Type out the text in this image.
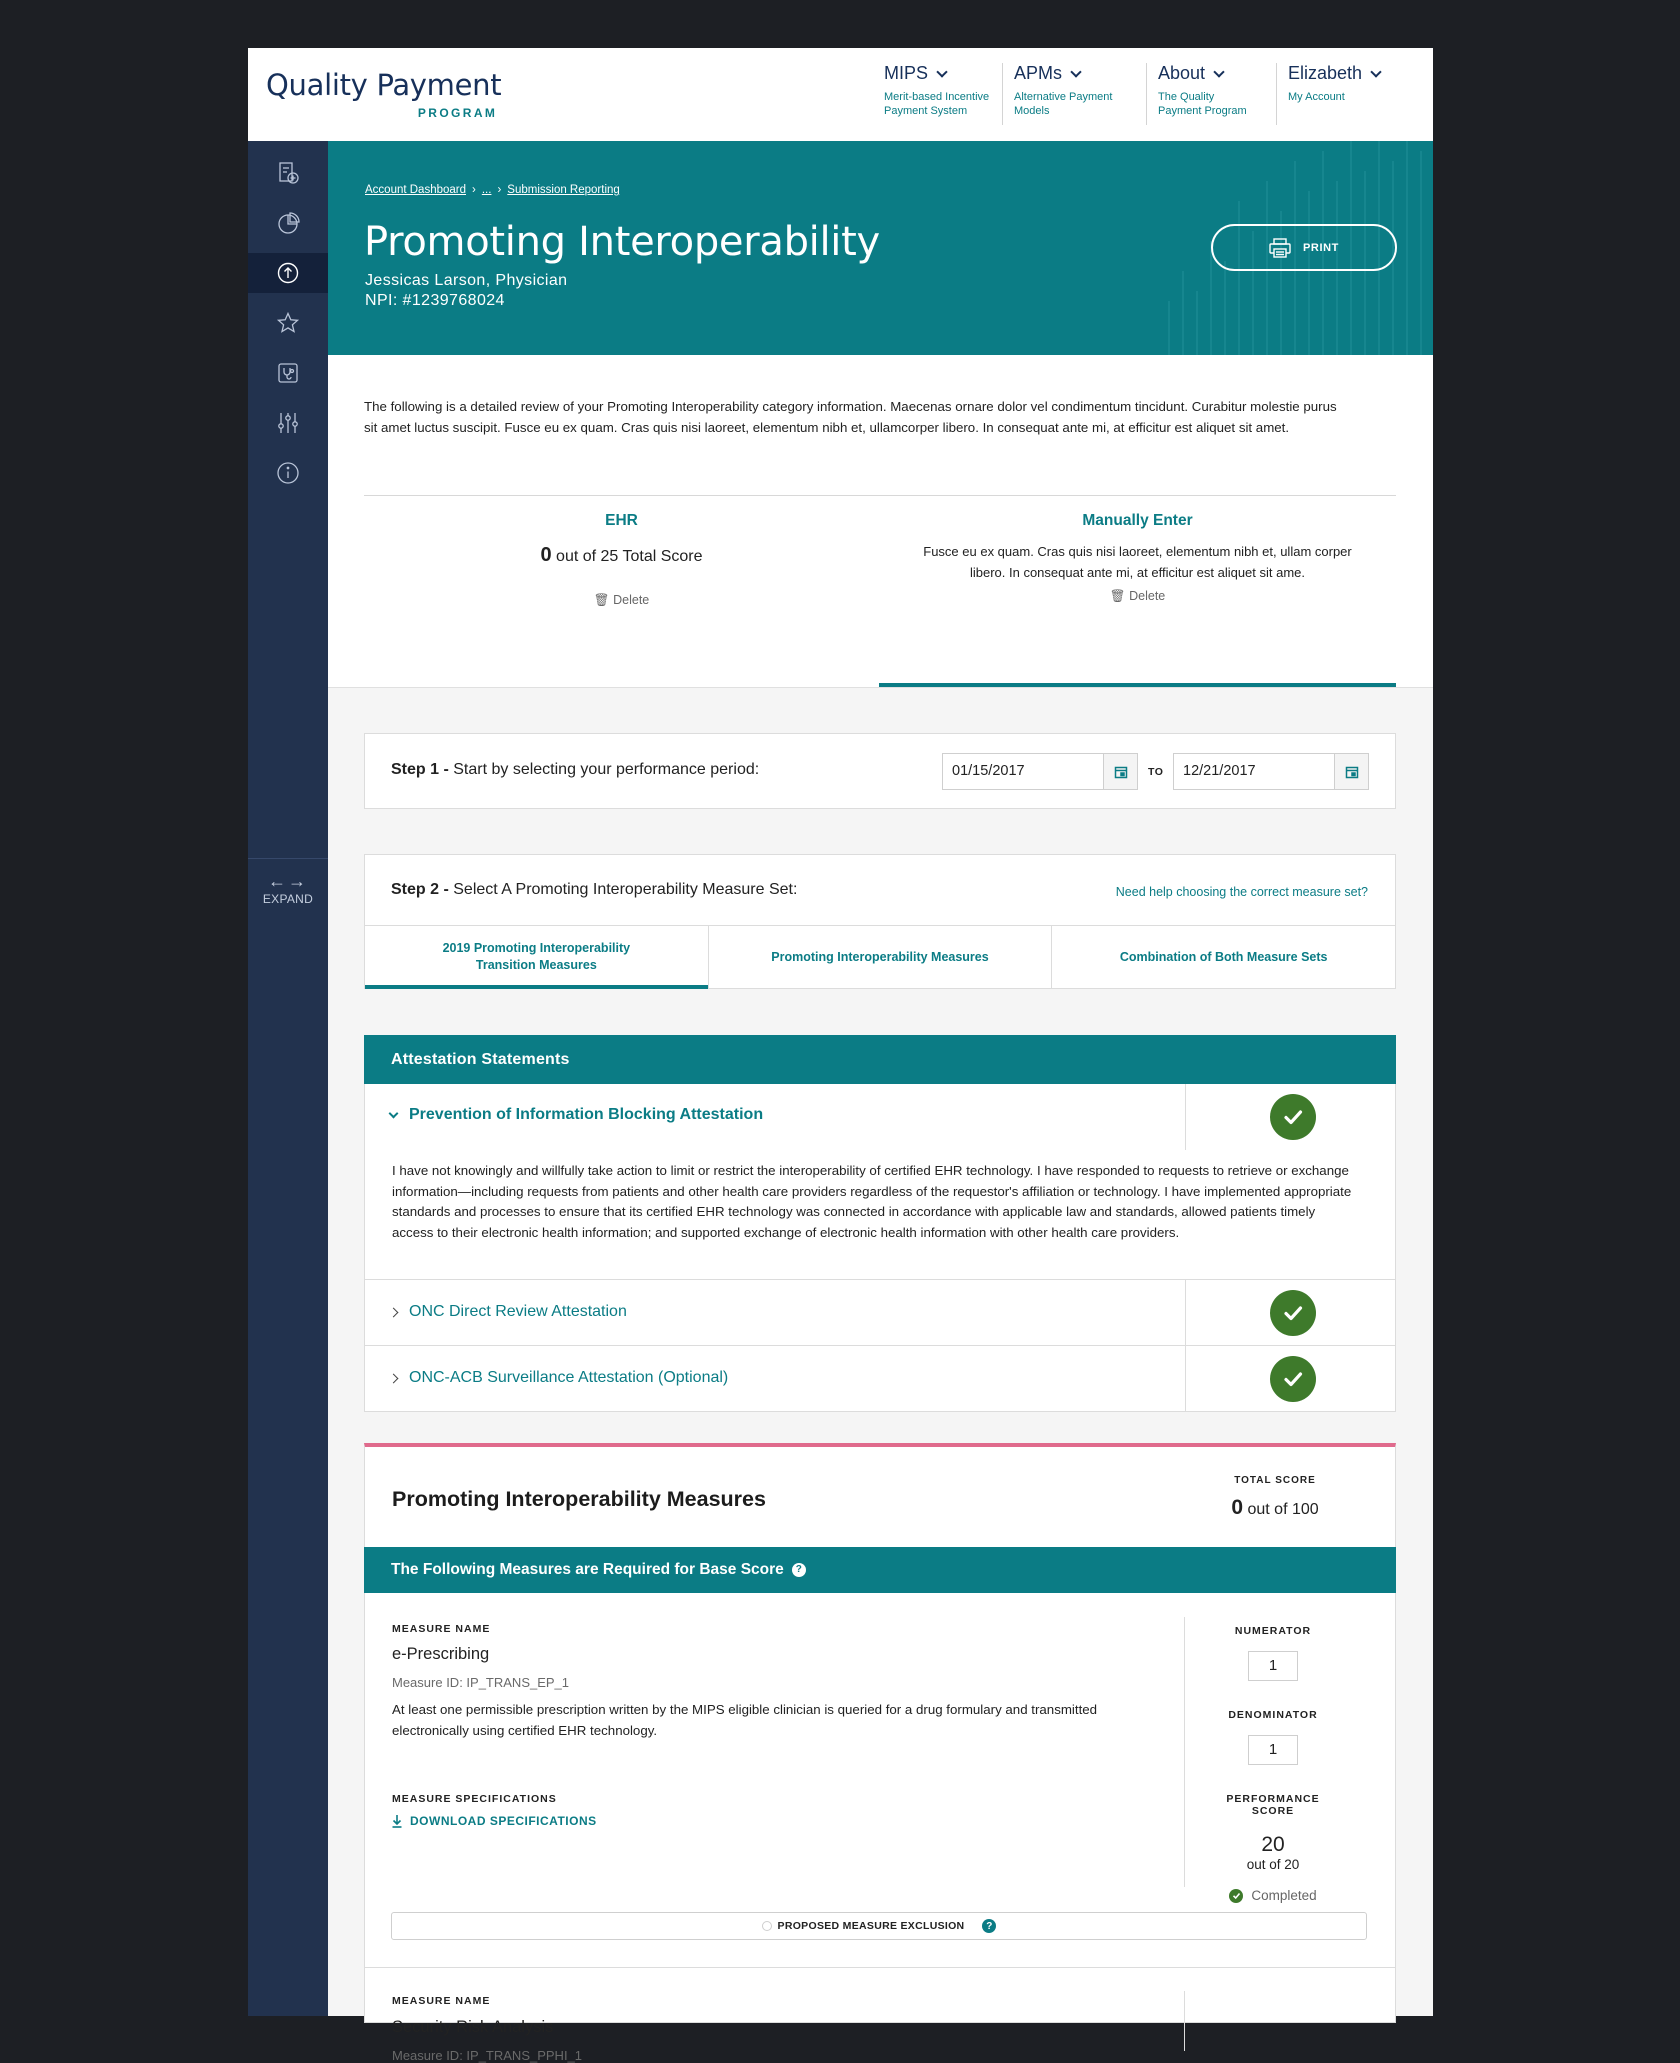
Quality Payment
PROGRAM
MIPS
Merit-based Incentive
Payment System
APMs
Alternative Payment
Models
About
The Quality
Payment Program
Elizabeth
My Account
←→
EXPAND
Account Dashboard › ... › Submission Reporting
Promoting Interoperability
Jessicas Larson, Physician
NPI: #1239768024
PRINT
The following is a detailed review of your Promoting Interoperability category information. Maecenas ornare dolor vel condimentum tincidunt. Curabitur molestie purus sit amet luctus suscipit. Fusce eu ex quam. Cras quis nisi laoreet, elementum nibh et, ullamcorper libero. In consequat ante mi, at efficitur est aliquet sit amet.
EHR
0 out of 25 Total Score
🗑 Delete
Manually Enter
Fusce eu ex quam. Cras quis nisi laoreet, elementum nibh et, ullam corper libero. In consequat ante mi, at efficitur est aliquet sit ame.
🗑 Delete
Step 1 - Start by selecting your performance period:	01/15/2017	TO	12/21/2017
Step 2 - Select A Promoting Interoperability Measure Set:	Need help choosing the correct measure set?
2019 Promoting Interoperability
Transition Measures
Promoting Interoperability Measures	Combination of Both Measure Sets
Attestation Statements
Prevention of Information Blocking Attestation
I have not knowingly and willfully take action to limit or restrict the interoperability of certified EHR technology. I have responded to requests to retrieve or exchange information—including requests from patients and other health care providers regardless of the requestor's affiliation or technology. I have implemented appropriate standards and processes to ensure that its certified EHR technology was connected in accordance with applicable law and standards, allowed patients timely access to their electronic health information; and supported exchange of electronic health information with other health care providers.
ONC Direct Review Attestation
ONC-ACB Surveillance Attestation (Optional)
Promoting Interoperability Measures
TOTAL SCORE
0 out of 100
The Following Measures are Required for Base Score	?
MEASURE NAME
e-Prescribing
Measure ID: IP_TRANS_EP_1
At least one permissible prescription written by the MIPS eligible clinician is queried for a drug formulary and transmitted electronically using certified EHR technology.
MEASURE SPECIFICATIONS
DOWNLOAD SPECIFICATIONS
NUMERATOR
1
DENOMINATOR
1
PERFORMANCE SCORE
20
out of 20
Completed
PROPOSED MEASURE EXCLUSION	?
MEASURE NAME
Security Risk Analysis
Measure ID: IP_TRANS_PPHI_1
